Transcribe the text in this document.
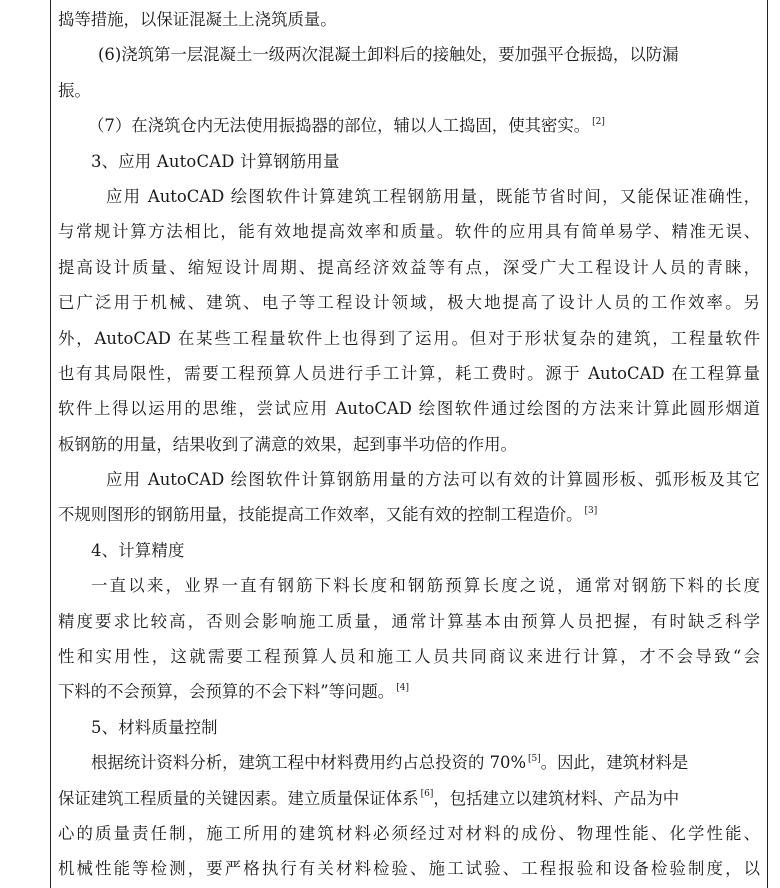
捣等措施，以保证混凝土上浇筑质量。
(6)浇筑第一层混凝土一级两次混凝土卸料后的接触处，要加强平仓振捣，以防漏
振。
（7）在浇筑仓内无法使用振捣器的部位，辅以人工捣固，使其密实。 [2]
3、应用 AutoCAD 计算钢筋用量
应用 AutoCAD 绘图软件计算建筑工程钢筋用量，既能节省时间，又能保证准确性，
与常规计算方法相比，能有效地提高效率和质量。软件的应用具有简单易学、精准无误、
提高设计质量、缩短设计周期、提高经济效益等有点，深受广大工程设计人员的青睐，
已广泛用于机械、建筑、电子等工程设计领域，极大地提高了设计人员的工作效率。另
外，AutoCAD 在某些工程量软件上也得到了运用。但对于形状复杂的建筑，工程量软件
也有其局限性，需要工程预算人员进行手工计算，耗工费时。源于 AutoCAD 在工程算量
软件上得以运用的思维，尝试应用 AutoCAD 绘图软件通过绘图的方法来计算此圆形烟道
板钢筋的用量，结果收到了满意的效果，起到事半功倍的作用。
应用 AutoCAD 绘图软件计算钢筋用量的方法可以有效的计算圆形板、弧形板及其它
不规则图形的钢筋用量，技能提高工作效率，又能有效的控制工程造价。 [3]
4、计算精度
一直以来，业界一直有钢筋下料长度和钢筋预算长度之说，通常对钢筋下料的长度
精度要求比较高，否则会影响施工质量，通常计算基本由预算人员把握，有时缺乏科学
性和实用性，这就需要工程预算人员和施工人员共同商议来进行计算，才不会导致“会
下料的不会预算，会预算的不会下料”等问题。 [4]
5、材料质量控制
根据统计资料分析，建筑工程中材料费用约占总投资的 70% [5]。因此，建筑材料是
保证建筑工程质量的关键因素。建立质量保证体系 [6]，包括建立以建筑材料、产品为中
心的质量责任制，施工所用的建筑材料必须经过对材料的成份、物理性能、化学性能、
机械性能等检测，要严格执行有关材料检验、施工试验、工程报验和设备检验制度，以
